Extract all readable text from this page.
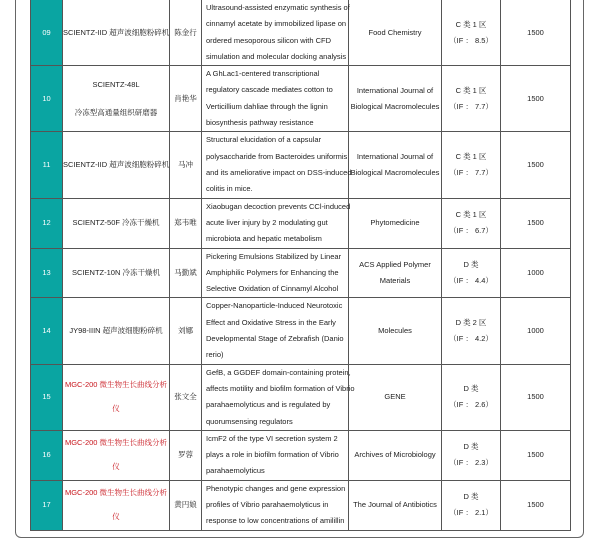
09	SCIENTZ-IID 超声波细胞粉碎机	陈金行	Ultrasound-assisted enzymatic synthesis of
cinnamyl acetate by immobilized lipase on
ordered mesoporous silicon with CFD
simulation and molecular docking analysis	Food Chemistry	C 类 1 区
（IF ： 8.5）	1500

10	SCIENTZ-48L
冷冻型高通量组织研磨器	肖艳华	A GhLac1-centered transcriptional
regulatory cascade mediates cotton to
Verticillium dahliae through the lignin
biosynthesis pathway resistance	International Journal of
Biological Macromolecules	C 类 1 区
（IF ： 7.7）	1500

11	SCIENTZ-IID 超声波细胞粉碎机	马冲	Structural elucidation of a capsular
polysaccharide from Bacteroides uniformis
and its ameliorative impact on DSS-induced
colitis in mice.	International Journal of
Biological Macromolecules	C 类 1 区
（IF ： 7.7）	1500

12	SCIENTZ-50F 冷冻干燥机	郑韦唯	Xiaobugan decoction prevents CCl-induced
acute liver injury by 2 modulating gut
microbiota and hepatic metabolism	Phytomedicine	C 类 1 区
（IF ： 6.7）	1500

13	SCIENTZ-10N 冷冻干燥机	马勤斌	Pickering Emulsions Stabilized by Linear
Amphiphilic Polymers for Enhancing the
Selective Oxidation of Cinnamyl Alcohol	ACS Applied Polymer
Materials	D 类
（IF ： 4.4）	1000

14	JY98-IIIN 超声波细胞粉碎机	刘娜	Copper-Nanoparticle-Induced Neurotoxic
Effect and Oxidative Stress in the Early
Developmental Stage of Zebrafish (Danio
rerio)	Molecules	D 类 2 区
（IF ： 4.2）	1000

15	MGC-200 微生物生长曲线分析
仪	张文全	GefB, a GGDEF domain-containing protein,
affects motility and biofilm formation of Vibrio
parahaemolyticus and is regulated by
quorumsensing regulators	GENE	D 类
（IF ： 2.6）	1500

16	MGC-200 微生物生长曲线分析
仪	罗蓉	IcmF2 of the type VI secretion system 2
plays a role in biofilm formation of Vibrio
parahaemolyticus	Archives of Microbiology	D 类
（IF ： 2.3）	1500

17	MGC-200 微生物生长曲线分析
仪	黄円娘	Phenotypic changes and gene expression
profiles of Vibrio parahaemolyticus in
response to low concentrations of amilillin	The Journal of Antibiotics	D 类
（IF ： 2.1）	1500
